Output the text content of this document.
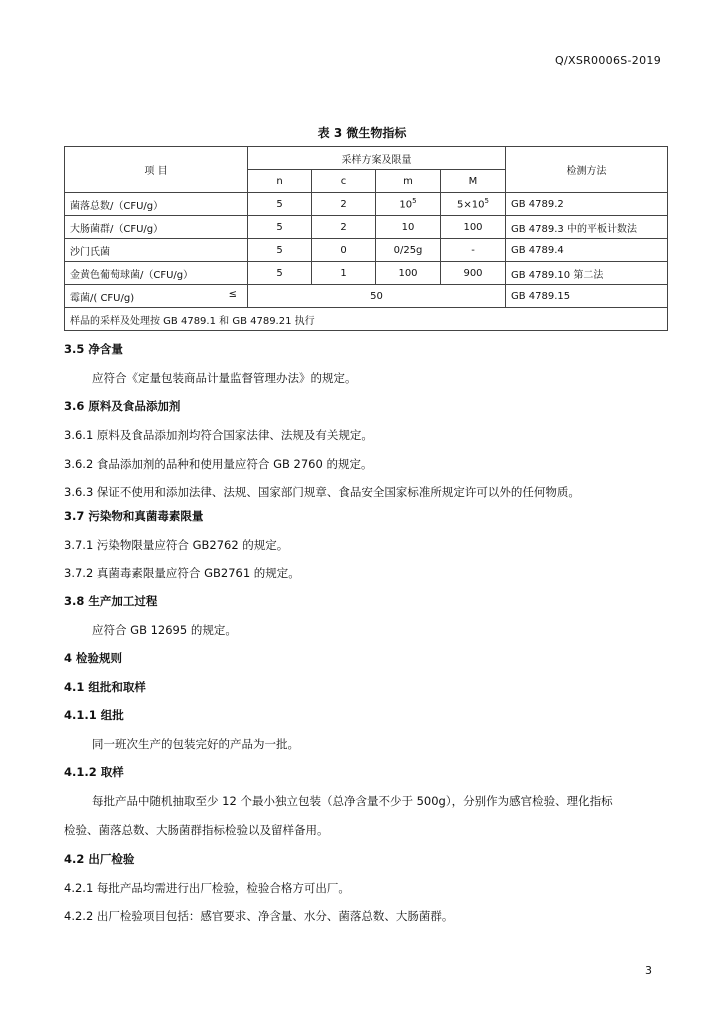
Q/XSR0006S-2019
表 3 微生物指标
项 目	采样方案及限量				检测方法
	n	c	m	M	
菌落总数/（CFU/g）	5	2	$10^5$	$5\times 10^5$	GB 4789.2
大肠菌群/（CFU/g）	5	2	10	100	GB 4789.3 中的平板计数法
沙门氏菌	5	0	0/25g	-	GB 4789.4
金黄色葡萄球菌/（CFU/g）	5	1	100	900	GB 4789.10 第二法
霉菌/( CFU/g) ≤	50				GB 4789.15
样品的采样及处理按 GB 4789.1 和 GB 4789.21 执行					
3.5 净含量
应符合《定量包装商品计量监督管理办法》的规定。
3.6 原料及食品添加剂
3.6.1 原料及食品添加剂均符合国家法律、法规及有关规定。
3.6.2 食品添加剂的品种和使用量应符合 GB 2760 的规定。
3.6.3 保证不使用和添加法律、法规、国家部门规章、食品安全国家标准所规定许可以外的任何物质。
3.7 污染物和真菌毒素限量
3.7.1 污染物限量应符合 GB2762 的规定。
3.7.2 真菌毒素限量应符合 GB2761 的规定。
3.8 生产加工过程
应符合 GB 12695 的规定。
4 检验规则
4.1 组批和取样
4.1.1 组批
同一班次生产的包装完好的产品为一批。
4.1.2 取样
每批产品中随机抽取至少 12 个最小独立包装（总净含量不少于 500g），分别作为感官检验、理化指标
检验、菌落总数、大肠菌群指标检验以及留样备用。
4.2 出厂检验
4.2.1 每批产品均需进行出厂检验，检验合格方可出厂。
4.2.2 出厂检验项目包括：感官要求、净含量、水分、菌落总数、大肠菌群。
3
